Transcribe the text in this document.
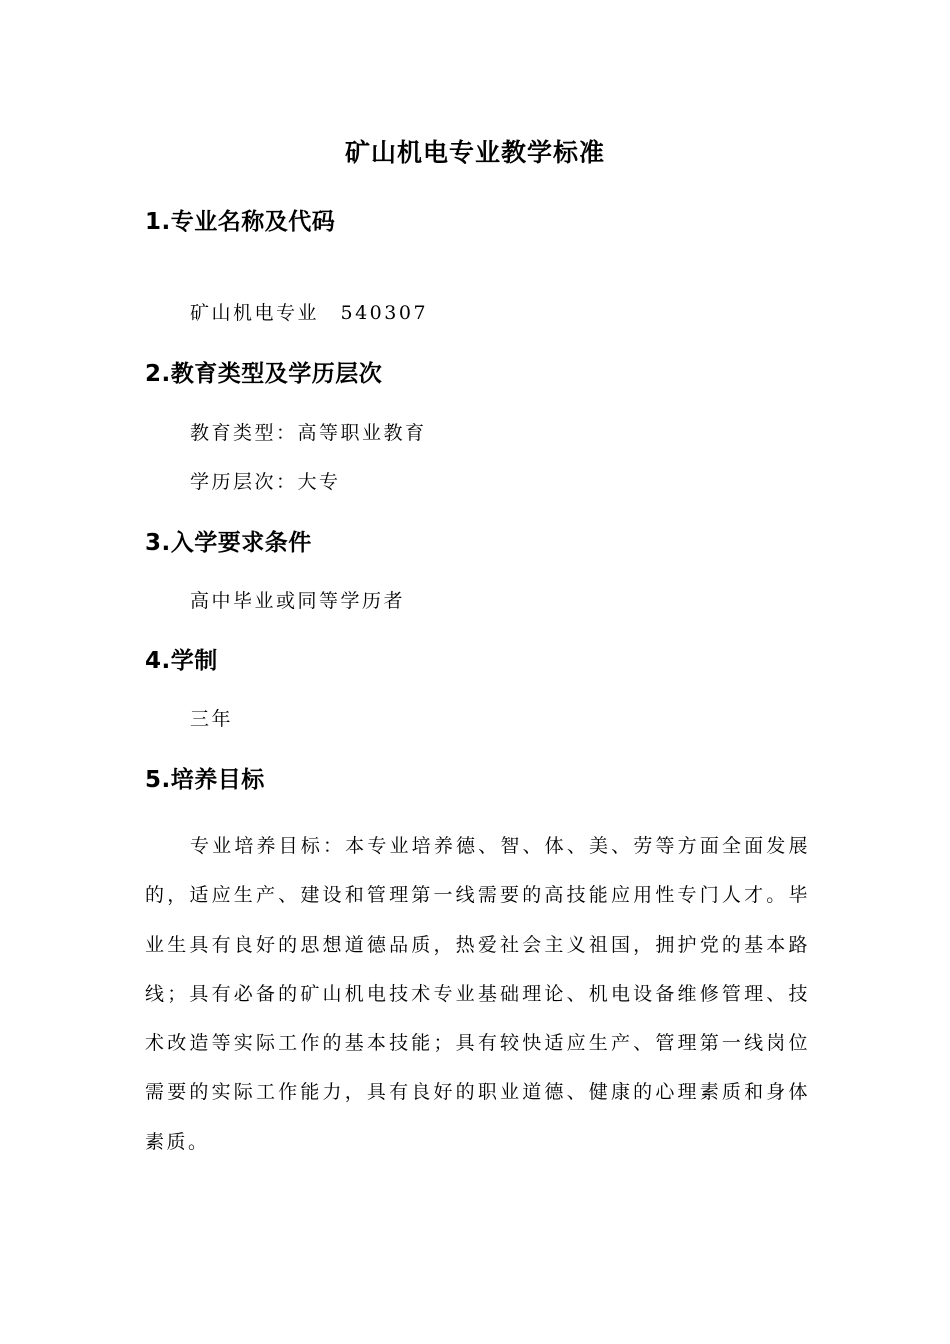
矿山机电专业教学标准
1.专业名称及代码
矿山机电专业　540307
2.教育类型及学历层次
教育类型：高等职业教育
学历层次：大专
3.入学要求条件
高中毕业或同等学历者
4.学制
三年
5.培养目标

专业培养目标：本专业培养德、智、体、美、劳等方面全面发展的，适应生产、建设和管理第一线需要的高技能应用性专门人才。毕业生具有良好的思想道德品质，热爱社会主义祖国，拥护党的基本路线；具有必备的矿山机电技术专业基础理论、机电设备维修管理、技术改造等实际工作的基本技能；具有较快适应生产、管理第一线岗位需要的实际工作能力，具有良好的职业道德、健康的心理素质和身体素质。
